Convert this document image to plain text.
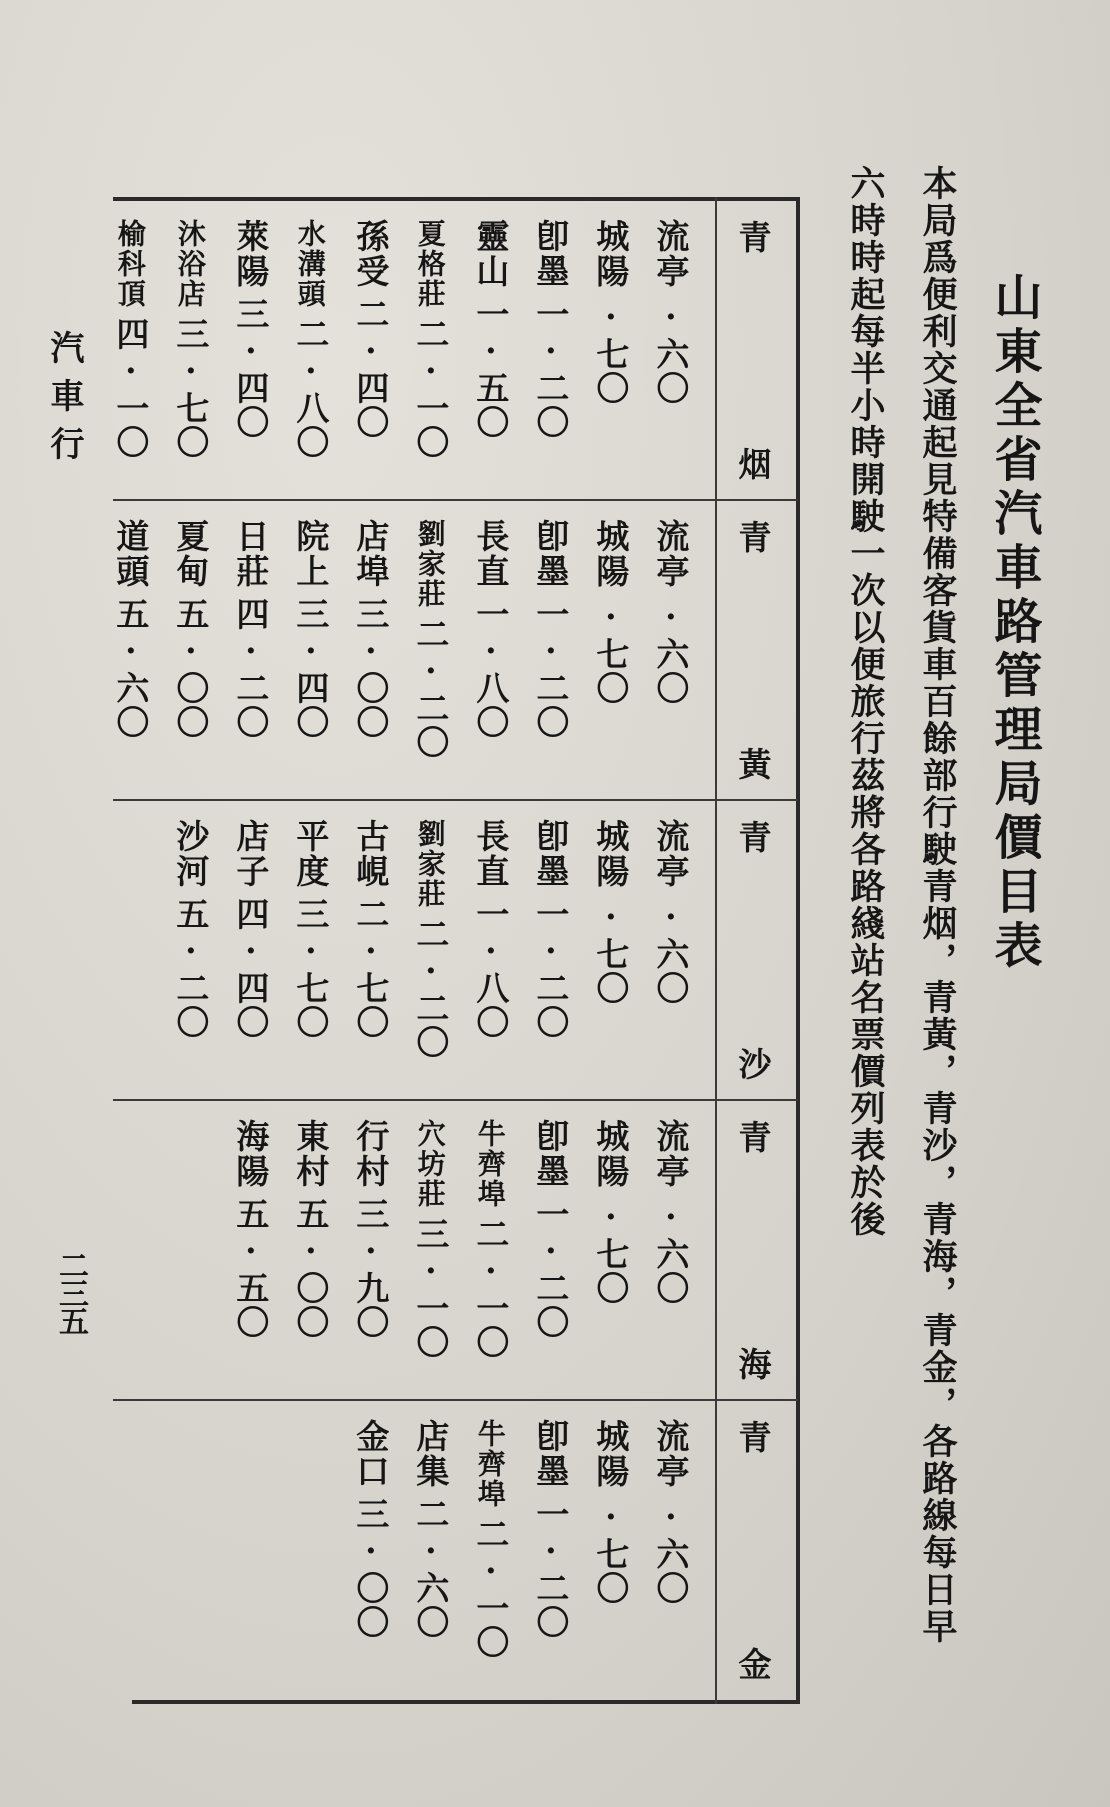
山東全省汽車路管理局價目表
本局爲便利交通起見特備客貨車百餘部行駛青烟，青黃，青沙，青海，青金，各路線每日早
六時時起每半小時開駛一次以便旅行茲將各路綫站名票價列表於後
青
烟
流亭
·六〇
城陽
·七〇
卽墨
一·二〇
靈山
一·五〇
夏格莊
二·一〇
孫受
二·四〇
水溝頭
二·八〇
萊陽
三·四〇
沐浴店
三·七〇
榆科頂
四·一〇
青
黃
流亭
·六〇
城陽
·七〇
卽墨
一·二〇
長直
一·八〇
劉家莊
二·二〇
店埠
三·〇〇
院上
三·四〇
日莊
四·二〇
夏甸
五·〇〇
道頭
五·六〇
青
沙
流亭
·六〇
城陽
·七〇
卽墨
一·二〇
長直
一·八〇
劉家莊
二·二〇
古峴
二·七〇
平度
三·七〇
店子
四·四〇
沙河
五·二〇
青
海
流亭
·六〇
城陽
·七〇
卽墨
一·二〇
牛齊埠
二·一〇
穴坊莊
三·一〇
行村
三·九〇
東村
五·〇〇
海陽
五·五〇
青
金
流亭
·六〇
城陽
·七〇
卽墨
一·二〇
牛齊埠
二·一〇
店集
二·六〇
金口
三·〇〇
汽車行
二三五
